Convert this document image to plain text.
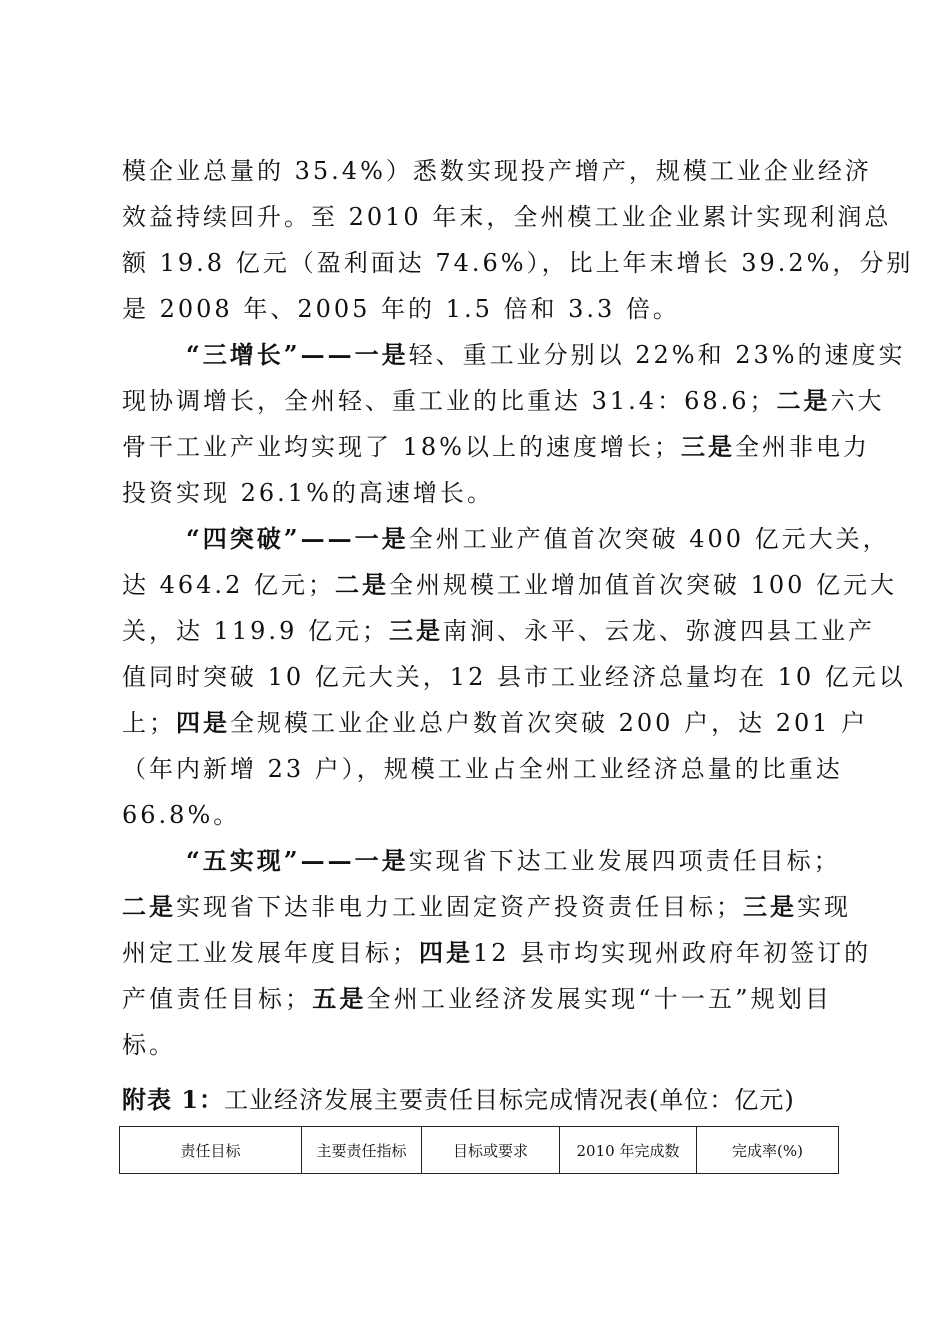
模企业总量的 35.4%）悉数实现投产增产，规模工业企业经济
效益持续回升。至 2010 年末，全州模工业企业累计实现利润总
额 19.8 亿元（盈利面达 74.6%），比上年末增长 39.2%，分别
是 2008 年、2005 年的 1.5 倍和 3.3 倍。
“三增长”——一是轻、重工业分别以 22%和 23%的速度实
现协调增长，全州轻、重工业的比重达 31.4：68.6；二是六大
骨干工业产业均实现了 18%以上的速度增长；三是全州非电力
投资实现 26.1%的高速增长。
“四突破”——一是全州工业产值首次突破 400 亿元大关，
达 464.2 亿元；二是全州规模工业增加值首次突破 100 亿元大
关，达 119.9 亿元；三是南涧、永平、云龙、弥渡四县工业产
值同时突破 10 亿元大关，12 县市工业经济总量均在 10 亿元以
上；四是全规模工业企业总户数首次突破 200 户，达 201 户
（年内新增 23 户），规模工业占全州工业经济总量的比重达
66.8%。
“五实现”——一是实现省下达工业发展四项责任目标；
二是实现省下达非电力工业固定资产投资责任目标；三是实现
州定工业发展年度目标；四是12 县市均实现州政府年初签订的
产值责任目标；五是全州工业经济发展实现“十一五”规划目
标。
附表 1：工业经济发展主要责任目标完成情况表(单位：亿元)
责任目标	主要责任指标	目标或要求	2010 年完成数	完成率(%)
